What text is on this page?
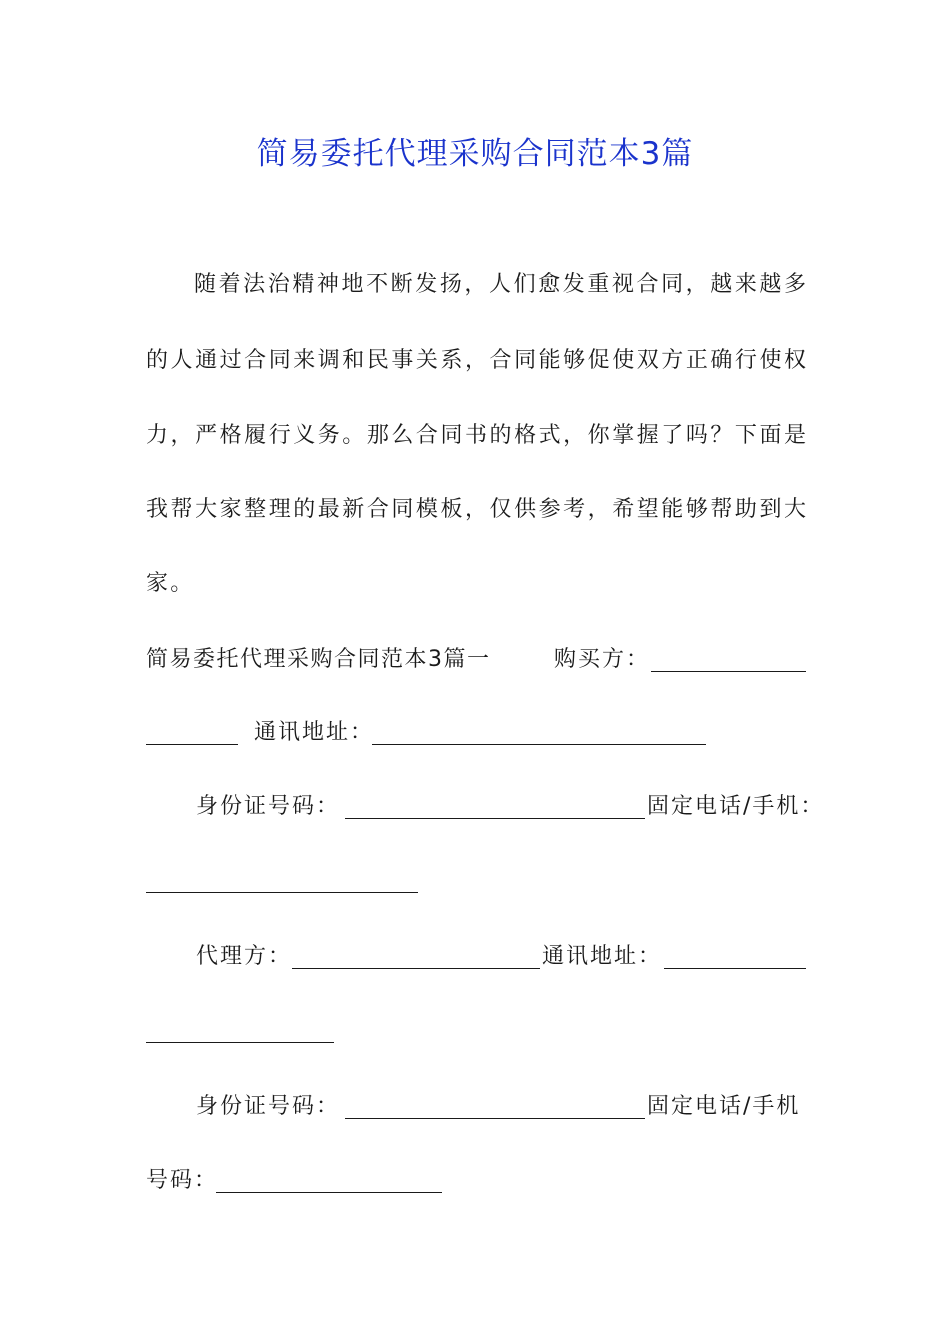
简易委托代理采购合同范本3篇
随着法治精神地不断发扬，人们愈发重视合同，越来越多
的人通过合同来调和民事关系，合同能够促使双方正确行使权
力，严格履行义务。那么合同书的格式，你掌握了吗？下面是
我帮大家整理的最新合同模板，仅供参考，希望能够帮助到大
家。
简易委托代理采购合同范本3篇一	购买方：
通讯地址：
身份证号码：	固定电话/手机：
代理方：	通讯地址：
身份证号码：	固定电话/手机
号码：
